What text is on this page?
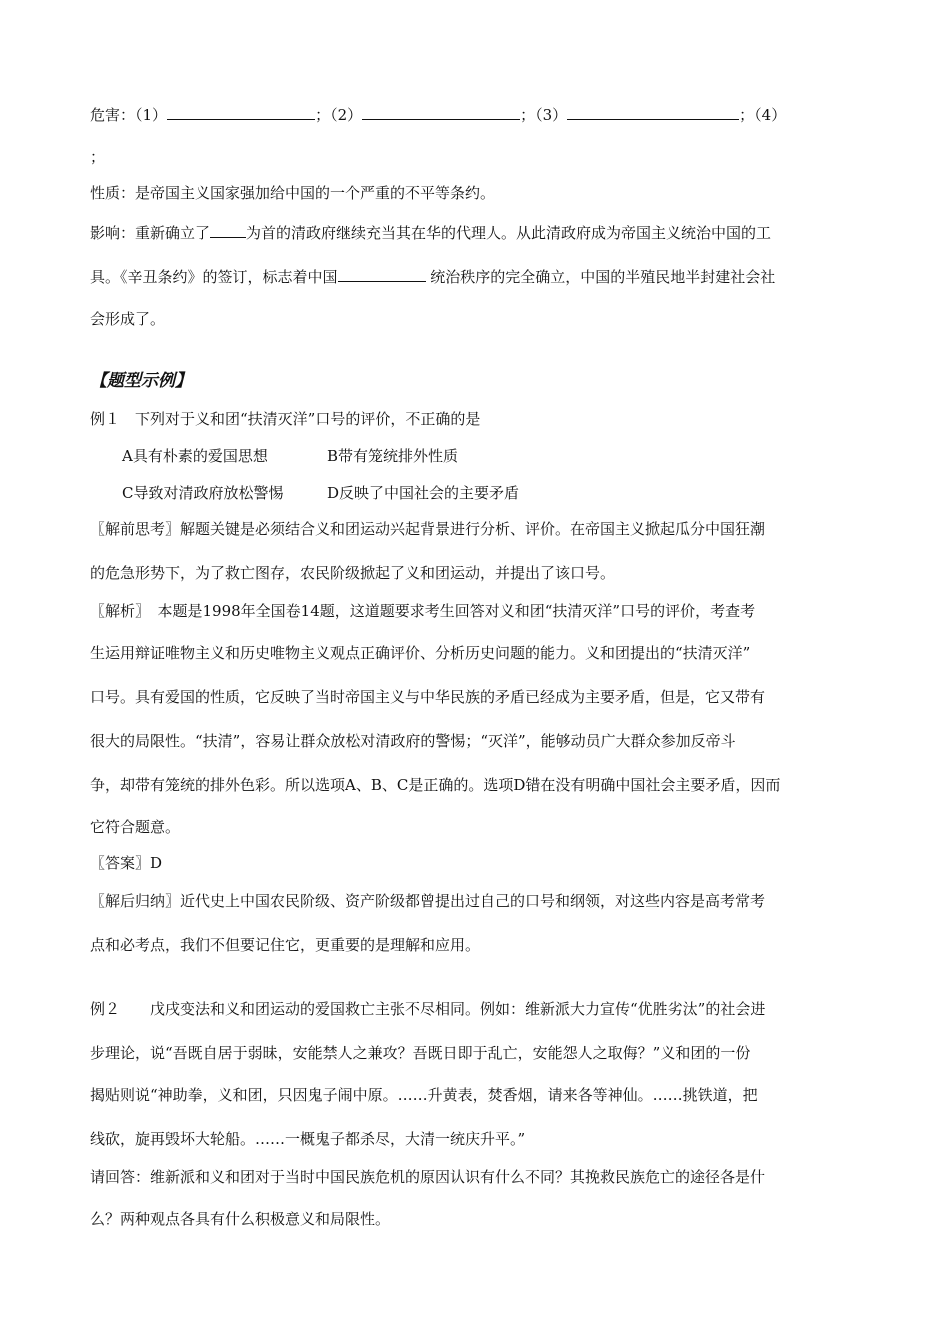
危害：（1）	；（2）	；（3）	；（4）
；
性质：是帝国主义国家强加给中国的一个严重的不平等条约。
影响：重新确立了 为首的清政府继续充当其在华的代理人。从此清政府成为帝国主义统治中国的工
具。《辛丑条约》的签订，标志着中国	统治秩序的完全确立，中国的半殖民地半封建社会社
会形成了。
【题型示例】
例１　下列对于义和团“扶清灭洋”口号的评价，不正确的是
A具有朴素的爱国思想	B带有笼统排外性质
C导致对清政府放松警惕	D反映了中国社会的主要矛盾
〖解前思考〗解题关键是必须结合义和团运动兴起背景进行分析、评价。在帝国主义掀起瓜分中国狂潮
的危急形势下，为了救亡图存，农民阶级掀起了义和团运动，并提出了该口号。
〖解析〗　本题是1998年全国卷14题，这道题要求考生回答对义和团“扶清灭洋”口号的评价，考查考
生运用辩证唯物主义和历史唯物主义观点正确评价、分析历史问题的能力。义和团提出的“扶清灭洋”
口号。具有爱国的性质，它反映了当时帝国主义与中华民族的矛盾已经成为主要矛盾，但是，它又带有
很大的局限性。“扶清”，容易让群众放松对清政府的警惕；“灭洋”，能够动员广大群众参加反帝斗
争，却带有笼统的排外色彩。所以选项A、B、C是正确的。选项D错在没有明确中国社会主要矛盾，因而
它符合题意。
〖答案〗D
〖解后归纳〗近代史上中国农民阶级、资产阶级都曾提出过自己的口号和纲领，对这些内容是高考常考
点和必考点，我们不但要记住它，更重要的是理解和应用。
例２　　戊戌变法和义和团运动的爱国救亡主张不尽相同。例如：维新派大力宣传“优胜劣汰”的社会进
步理论，说“吾既自居于弱昧，安能禁人之兼攻？吾既日即于乱亡，安能怨人之取侮？”义和团的一份
揭贴则说“神助拳，义和团，只因鬼子闹中原。……升黄表，焚香烟，请来各等神仙。……挑铁道，把
线砍，旋再毁坏大轮船。……一概鬼子都杀尽，大清一统庆升平。”
请回答：维新派和义和团对于当时中国民族危机的原因认识有什么不同？其挽救民族危亡的途径各是什
么？两种观点各具有什么积极意义和局限性。
